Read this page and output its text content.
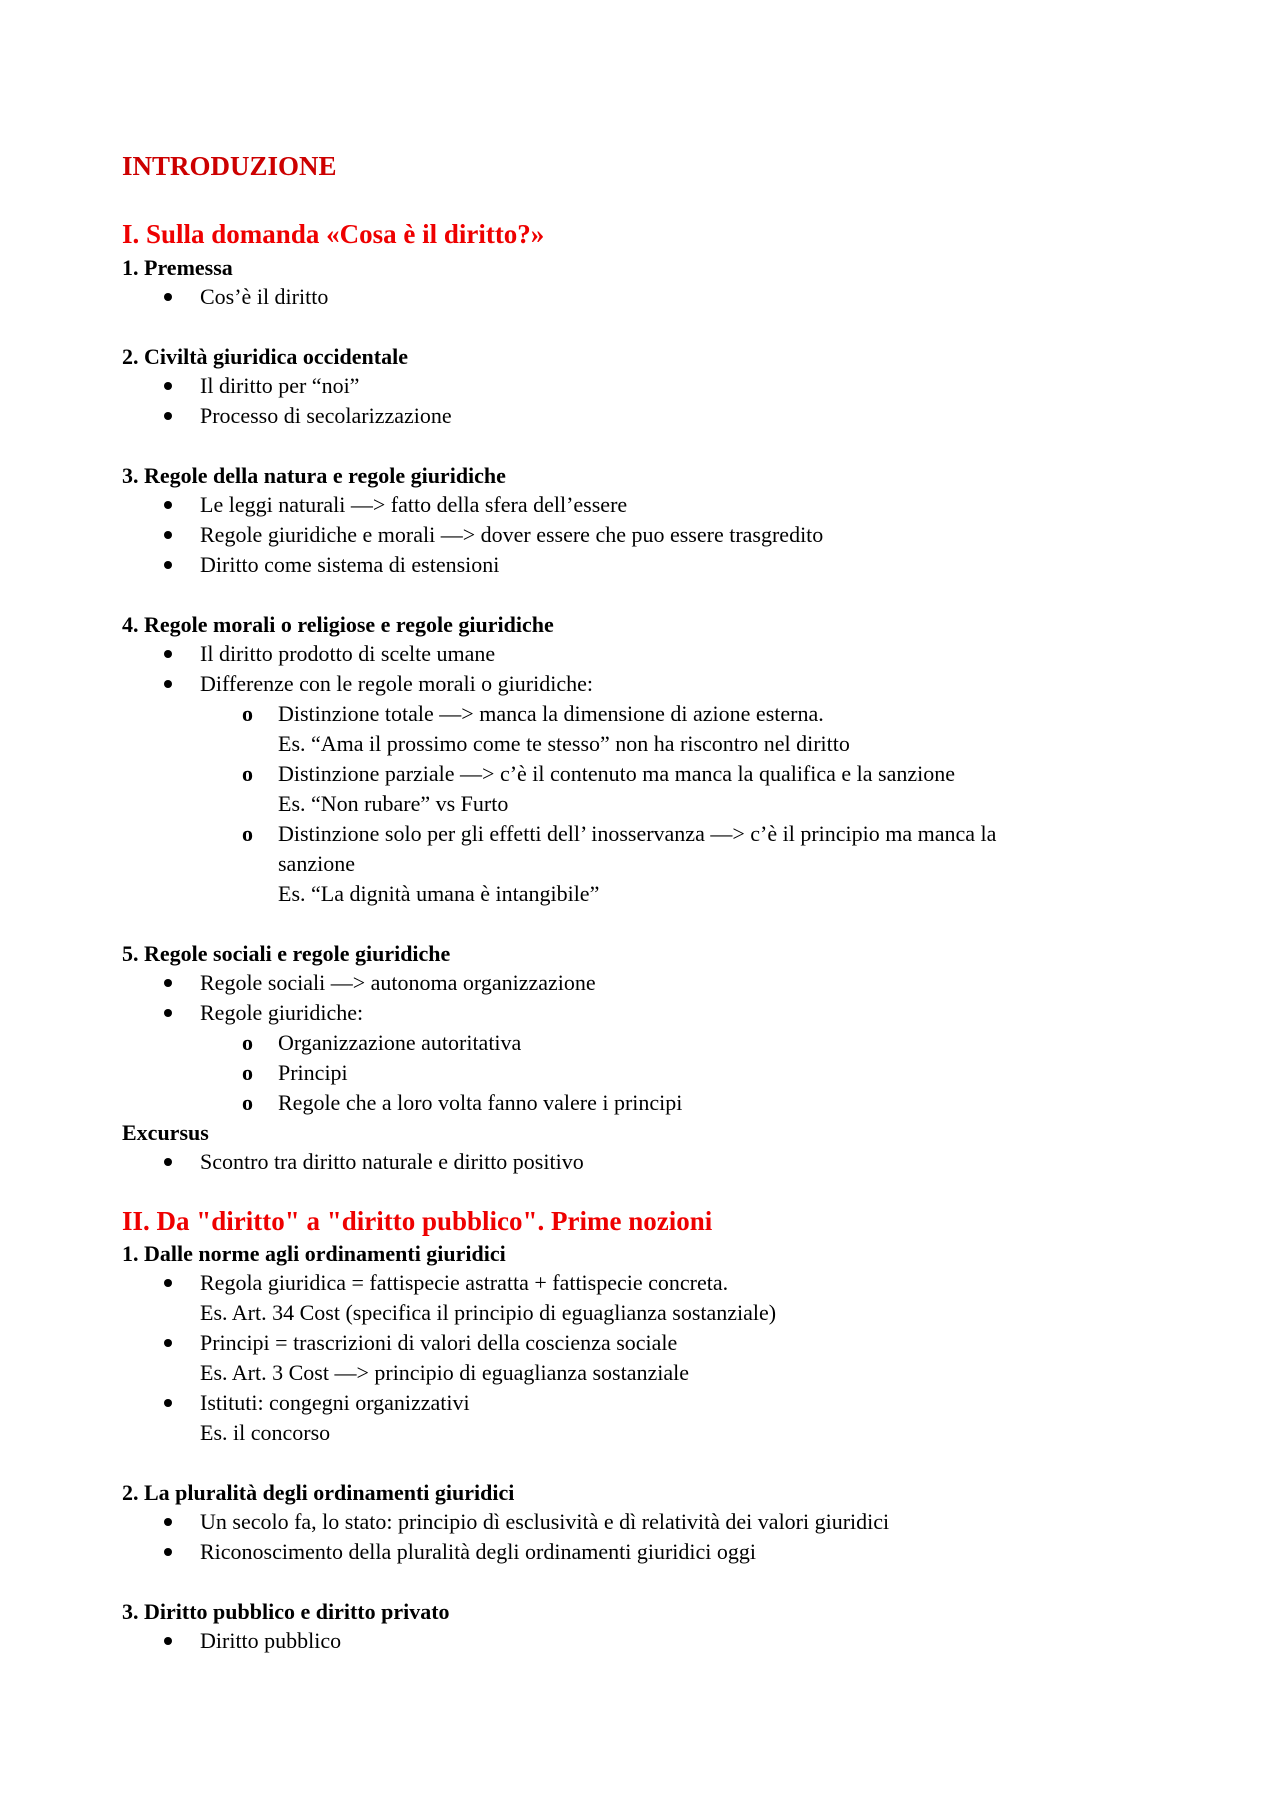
INTRODUZIONE
I. Sulla domanda «Cosa è il diritto?»
1. Premessa
Cos’è il diritto
2. Civiltà giuridica occidentale
Il diritto per “noi”
Processo di secolarizzazione
3. Regole della natura e regole giuridiche
Le leggi naturali —> fatto della sfera dell’essere
Regole giuridiche e morali —> dover essere che puo essere trasgredito
Diritto come sistema di estensioni
4. Regole morali o religiose e regole giuridiche
Il diritto prodotto di scelte umane
Differenze con le regole morali o giuridiche:
o Distinzione totale —> manca la dimensione di azione esterna.
Es. “Ama il prossimo come te stesso” non ha riscontro nel diritto
o Distinzione parziale —> c’è il contenuto ma manca la qualifica e la sanzione
Es. “Non rubare” vs Furto
o Distinzione solo per gli effetti dell’ inosservanza —> c’è il principio ma manca la
sanzione
Es. “La dignità umana è intangibile”
5. Regole sociali e regole giuridiche
Regole sociali —> autonoma organizzazione
Regole giuridiche:
o Organizzazione autoritativa
o Principi
o Regole che a loro volta fanno valere i principi
Excursus
Scontro tra diritto naturale e diritto positivo
II. Da "diritto" a "diritto pubblico". Prime nozioni
1. Dalle norme agli ordinamenti giuridici
Regola giuridica = fattispecie astratta + fattispecie concreta.
Es. Art. 34 Cost (specifica il principio di eguaglianza sostanziale)
Principi = trascrizioni di valori della coscienza sociale
Es. Art. 3 Cost —> principio di eguaglianza sostanziale
Istituti: congegni organizzativi
Es. il concorso
2. La pluralità degli ordinamenti giuridici
Un secolo fa, lo stato: principio dì esclusività e dì relatività dei valori giuridici
Riconoscimento della pluralità degli ordinamenti giuridici oggi
3. Diritto pubblico e diritto privato
Diritto pubblico
